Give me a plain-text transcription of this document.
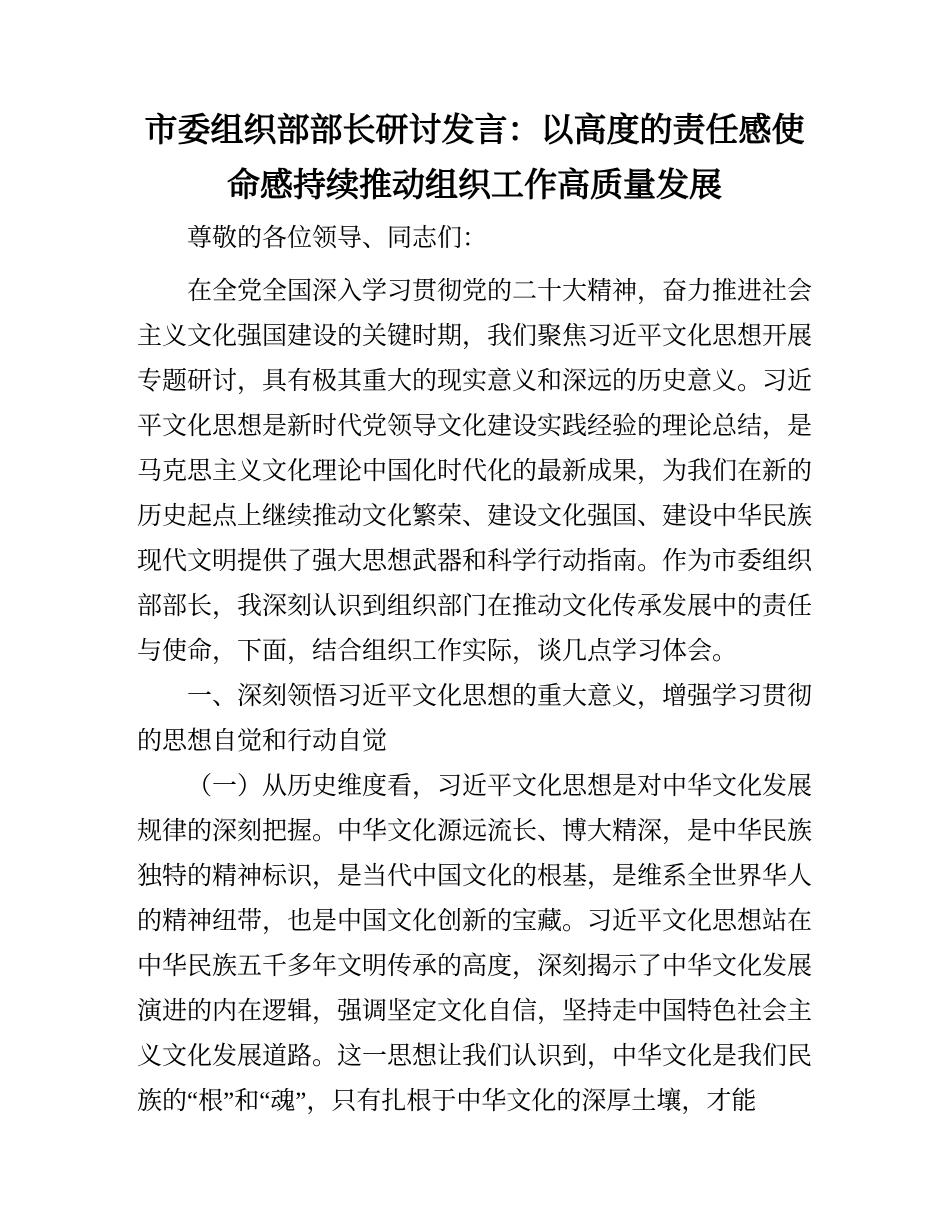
市委组织部部长研讨发言：以高度的责任感使
命感持续推动组织工作高质量发展

尊敬的各位领导、同志们：

在全党全国深入学习贯彻党的二十大精神，奋力推进社会主义文化强国建设的关键时期，我们聚焦习近平文化思想开展专题研讨，具有极其重大的现实意义和深远的历史意义。习近平文化思想是新时代党领导文化建设实践经验的理论总结，是马克思主义文化理论中国化时代化的最新成果，为我们在新的历史起点上继续推动文化繁荣、建设文化强国、建设中华民族现代文明提供了强大思想武器和科学行动指南。作为市委组织部部长，我深刻认识到组织部门在推动文化传承发展中的责任与使命，下面，结合组织工作实际，谈几点学习体会。

一、深刻领悟习近平文化思想的重大意义，增强学习贯彻的思想自觉和行动自觉

（一）从历史维度看，习近平文化思想是对中华文化发展规律的深刻把握。中华文化源远流长、博大精深，是中华民族独特的精神标识，是当代中国文化的根基，是维系全世界华人的精神纽带，也是中国文化创新的宝藏。习近平文化思想站在中华民族五千多年文明传承的高度，深刻揭示了中华文化发展演进的内在逻辑，强调坚定文化自信，坚持走中国特色社会主义文化发展道路。这一思想让我们认识到，中华文化是我们民族的“根”和“魂”，只有扎根于中华文化的深厚土壤，才能
